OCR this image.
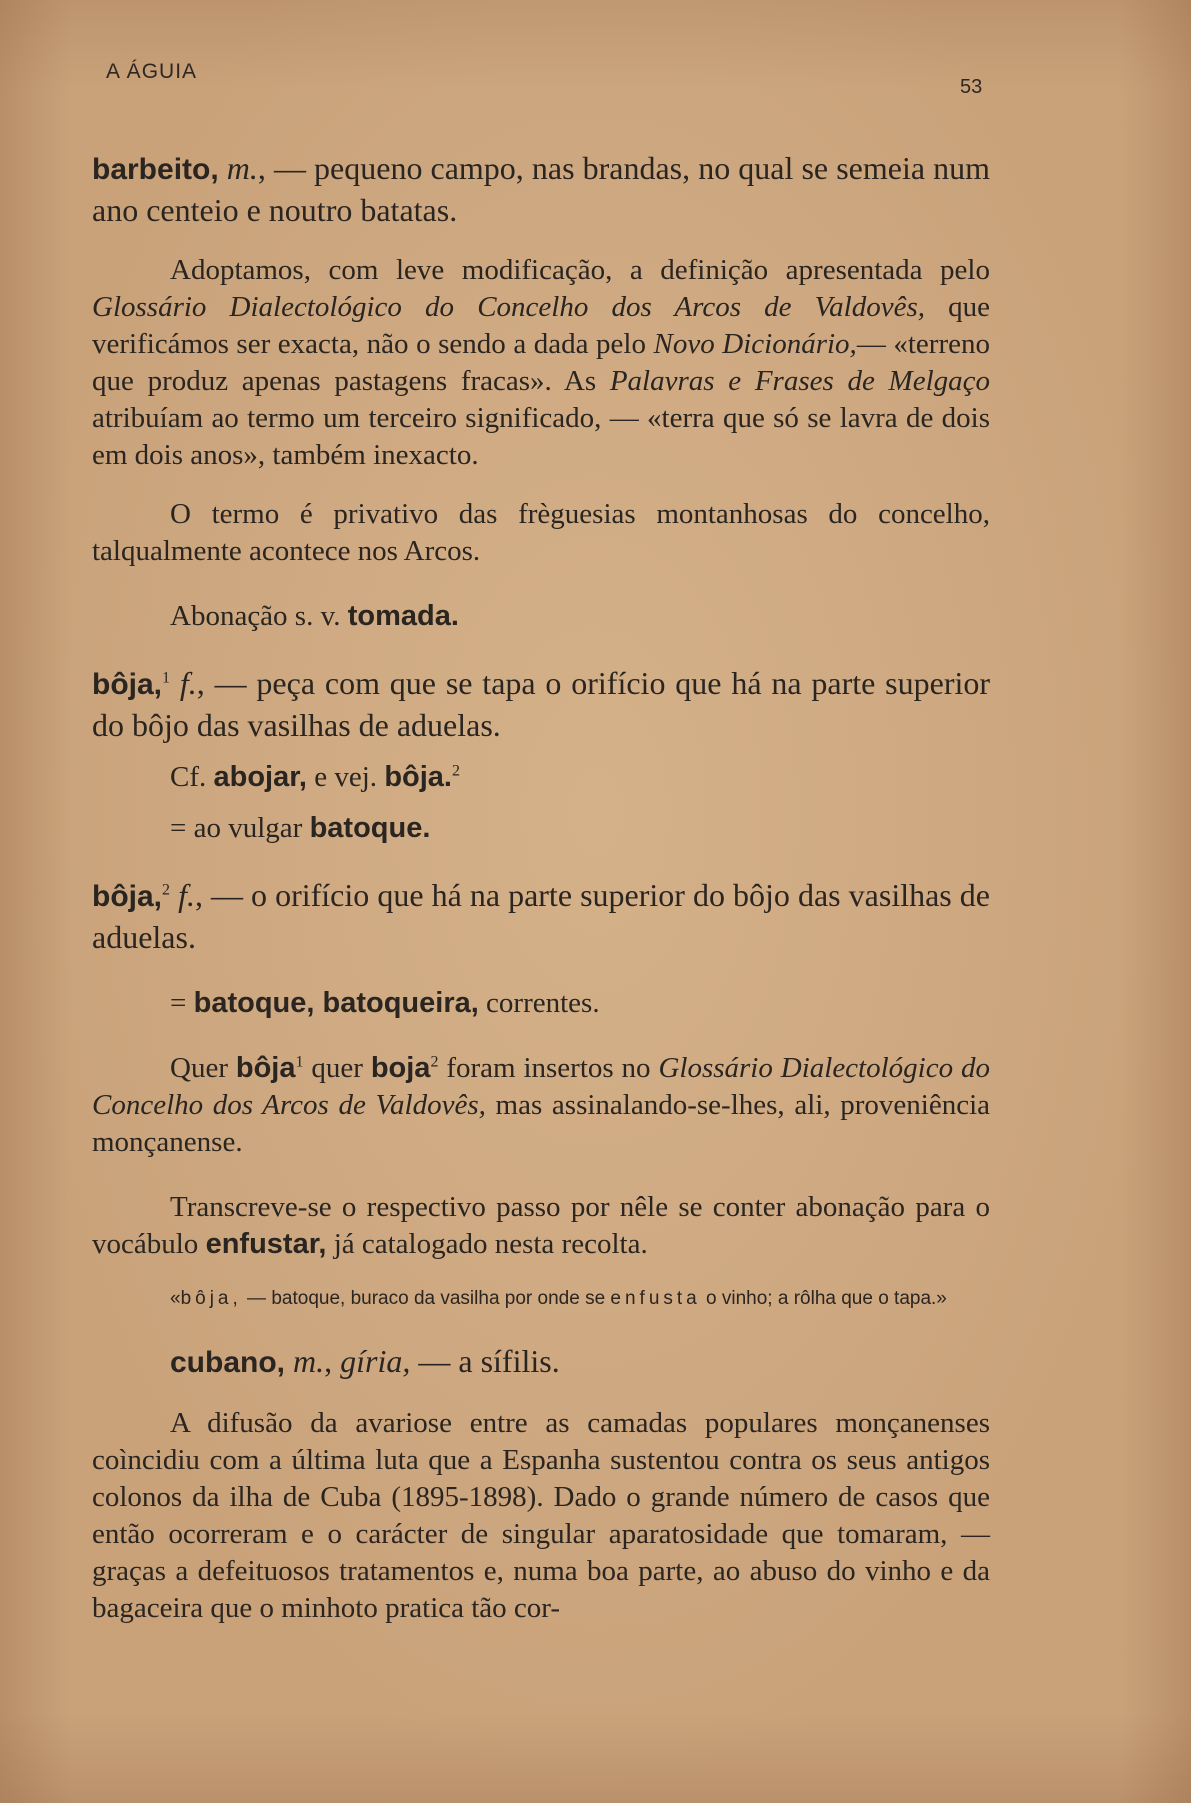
A ÁGUIA
53

barbeito, m., — pequeno campo, nas brandas, no qual se semeia num ano centeio e noutro batatas.

Adoptamos, com leve modificação, a definição apresentada pelo Glossário Dialectológico do Concelho dos Arcos de Valdovês, que verificámos ser exacta, não o sendo a dada pelo Novo Dicionário,— «terreno que produz apenas pastagens fracas». As Palavras e Frases de Melgaço atribuíam ao termo um terceiro significado, — «terra que só se lavra de dois em dois anos», também inexacto.

O termo é privativo das frèguesias montanhosas do concelho, talqualmente acontece nos Arcos.

Abonação s. v. tomada.

bôja,$^1$ f., — peça com que se tapa o orifício que há na parte superior do bôjo das vasilhas de aduelas.

Cf. abojar, e vej. bôja.$^2$

= ao vulgar batoque.

bôja,$^2$ f., — o orifício que há na parte superior do bôjo das vasilhas de aduelas.

= batoque, batoqueira, correntes.

Quer bôja$^1$ quer boja$^2$ foram insertos no Glossário Dialectológico do Concelho dos Arcos de Valdovês, mas assinalando-se-lhes, ali, proveniência monçanense.

Transcreve-se o respectivo passo por nêle se conter abonação para o vocábulo enfustar, já catalogado nesta recolta.

«bôja, — batoque, buraco da vasilha por onde se enfusta o vinho; a rôlha que o tapa.»

cubano, m., gíria, — a sífilis.

A difusão da avariose entre as camadas populares monçanenses coìncidiu com a última luta que a Espanha sustentou contra os seus antigos colonos da ilha de Cuba (1895-1898). Dado o grande número de casos que então ocorreram e o carácter de singular aparatosidade que tomaram, — graças a defeituosos tratamentos e, numa boa parte, ao abuso do vinho e da bagaceira que o minhoto pratica tão cor-
